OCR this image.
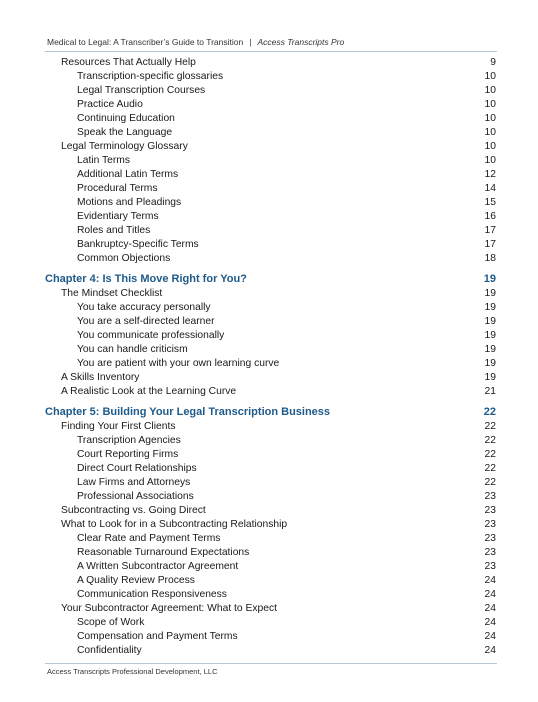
Medical to Legal: A Transcriber’s Guide to Transition | Access Transcripts Pro
Resources That Actually Help	9
Transcription-specific glossaries	10
Legal Transcription Courses	10
Practice Audio	10
Continuing Education	10
Speak the Language	10
Legal Terminology Glossary	10
Latin Terms	10
Additional Latin Terms	12
Procedural Terms	14
Motions and Pleadings	15
Evidentiary Terms	16
Roles and Titles	17
Bankruptcy-Specific Terms	17
Common Objections	18
Chapter 4: Is This Move Right for You?	19
The Mindset Checklist	19
You take accuracy personally	19
You are a self-directed learner	19
You communicate professionally	19
You can handle criticism	19
You are patient with your own learning curve	19
A Skills Inventory	19
A Realistic Look at the Learning Curve	21
Chapter 5: Building Your Legal Transcription Business	22
Finding Your First Clients	22
Transcription Agencies	22
Court Reporting Firms	22
Direct Court Relationships	22
Law Firms and Attorneys	22
Professional Associations	23
Subcontracting vs. Going Direct	23
What to Look for in a Subcontracting Relationship	23
Clear Rate and Payment Terms	23
Reasonable Turnaround Expectations	23
A Written Subcontractor Agreement	23
A Quality Review Process	24
Communication Responsiveness	24
Your Subcontractor Agreement: What to Expect	24
Scope of Work	24
Compensation and Payment Terms	24
Confidentiality	24
Access Transcripts Professional Development, LLC
